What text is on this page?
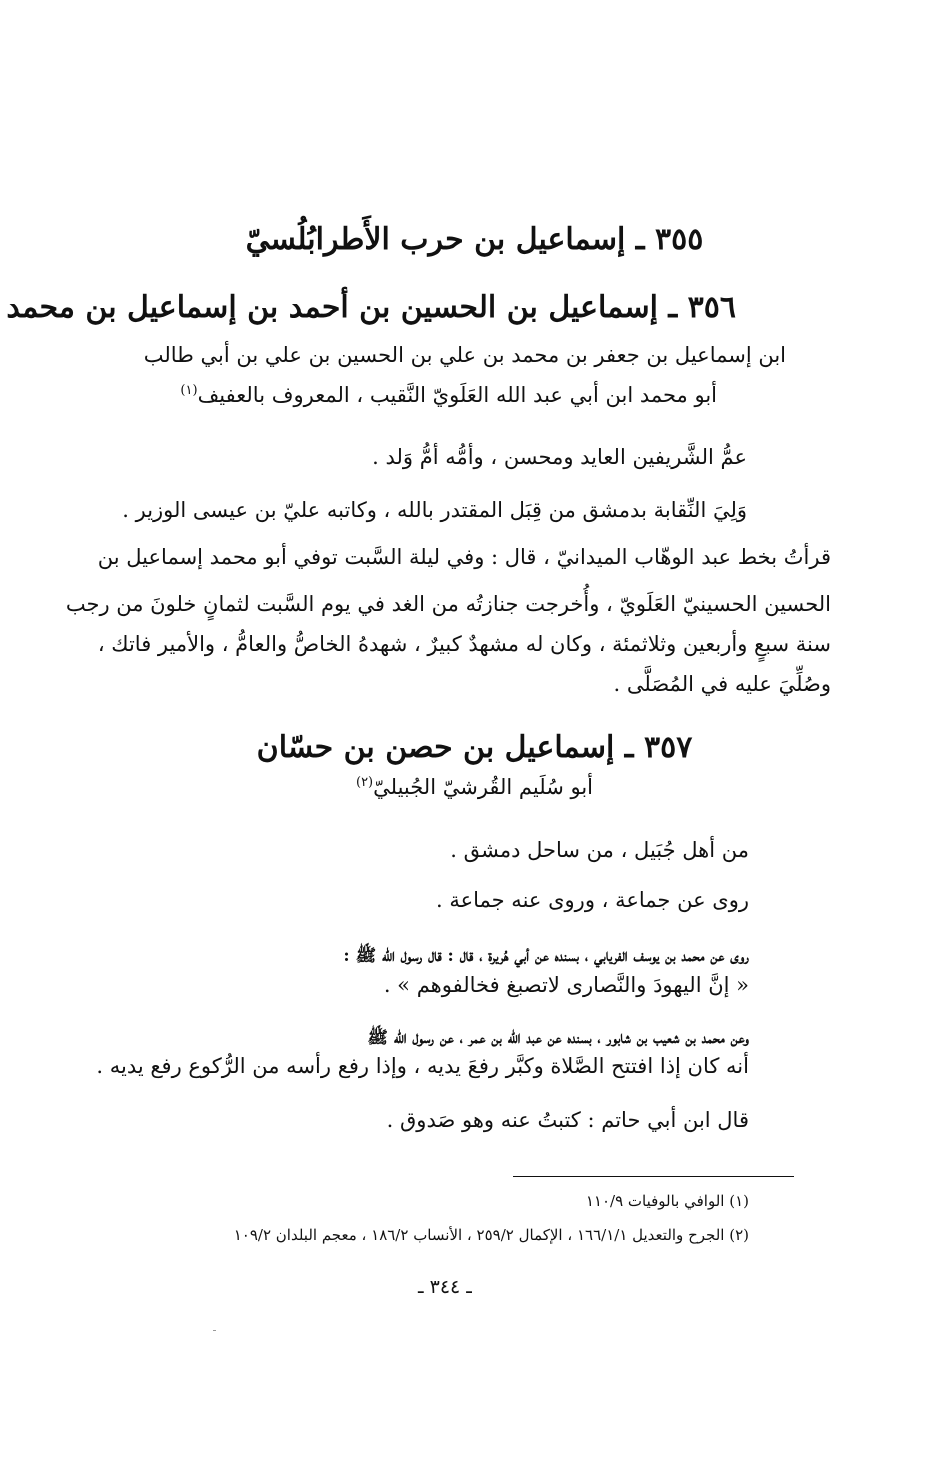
٣٥٥ ـ إسماعيل بن حرب الأَطرابُلُسيّ
٣٥٦ ـ إسماعيل بن الحسين بن أحمد بن إسماعيل بن محمد
ابن إسماعيل بن جعفر بن محمد بن علي بن الحسين بن علي بن أبي طالب
أبو محمد ابن أبي عبد الله العَلَويّ النَّقيب ، المعروف بالعفيف$^{(١)}$
عمُّ الشَّريفين العايد ومحسن ، وأمُّه أمُّ وَلد .
وَلِيَ النِّقابة بدمشق من قِبَل المقتدر بالله ، وكاتبه عليّ بن عيسى الوزير .
قرأتُ بخط عبد الوهّاب الميدانيّ ، قال : وفي ليلة السَّبت توفي أبو محمد إسماعيل بن
الحسين الحسينيّ العَلَويّ ، وأُخرجت جنازتُه من الغد في يوم السَّبت لثمانٍ خلونَ من رجب
سنة سبعٍ وأربعين وثلاثمئة ، وكان له مشهدٌ كبيرٌ ، شهدهُ الخاصُّ والعامُّ ، والأمير فاتك ،
وصُلِّيَ عليه في المُصَلَّى .
٣٥٧ ـ إسماعيل بن حصن بن حسّان
أبو سُلَيم القُرشيّ الجُبيليّ$^{(٢)}$
من أهل جُبَيل ، من ساحل دمشق .
روى عن جماعة ، وروى عنه جماعة .
روى عن محمد بن يوسف الفريابي ، بسنده عن أبي هُريرة ، قال : قال رسول الله ﷺ :
« إنَّ اليهودَ والنَّصارى لاتصبغ فخالفوهم » .
وعن محمد بن شعيب بن شابور ، بسنده عن عبد الله بن عمر ، عن رسول الله ﷺ
أنه كان إذا افتتح الصَّلاة وكبَّر رفعَ يديه ، وإذا رفع رأسه من الرُّكوع رفع يديه .
قال ابن أبي حاتم : كتبتُ عنه وهو صَدوق .
(١) الوافي بالوفيات ١١٠/٩
(٢) الجرح والتعديل ١٦٦/١/١ ، الإكمال ٢٥٩/٢ ، الأنساب ١٨٦/٢ ، معجم البلدان ١٠٩/٢
ـ ٣٤٤ ـ
